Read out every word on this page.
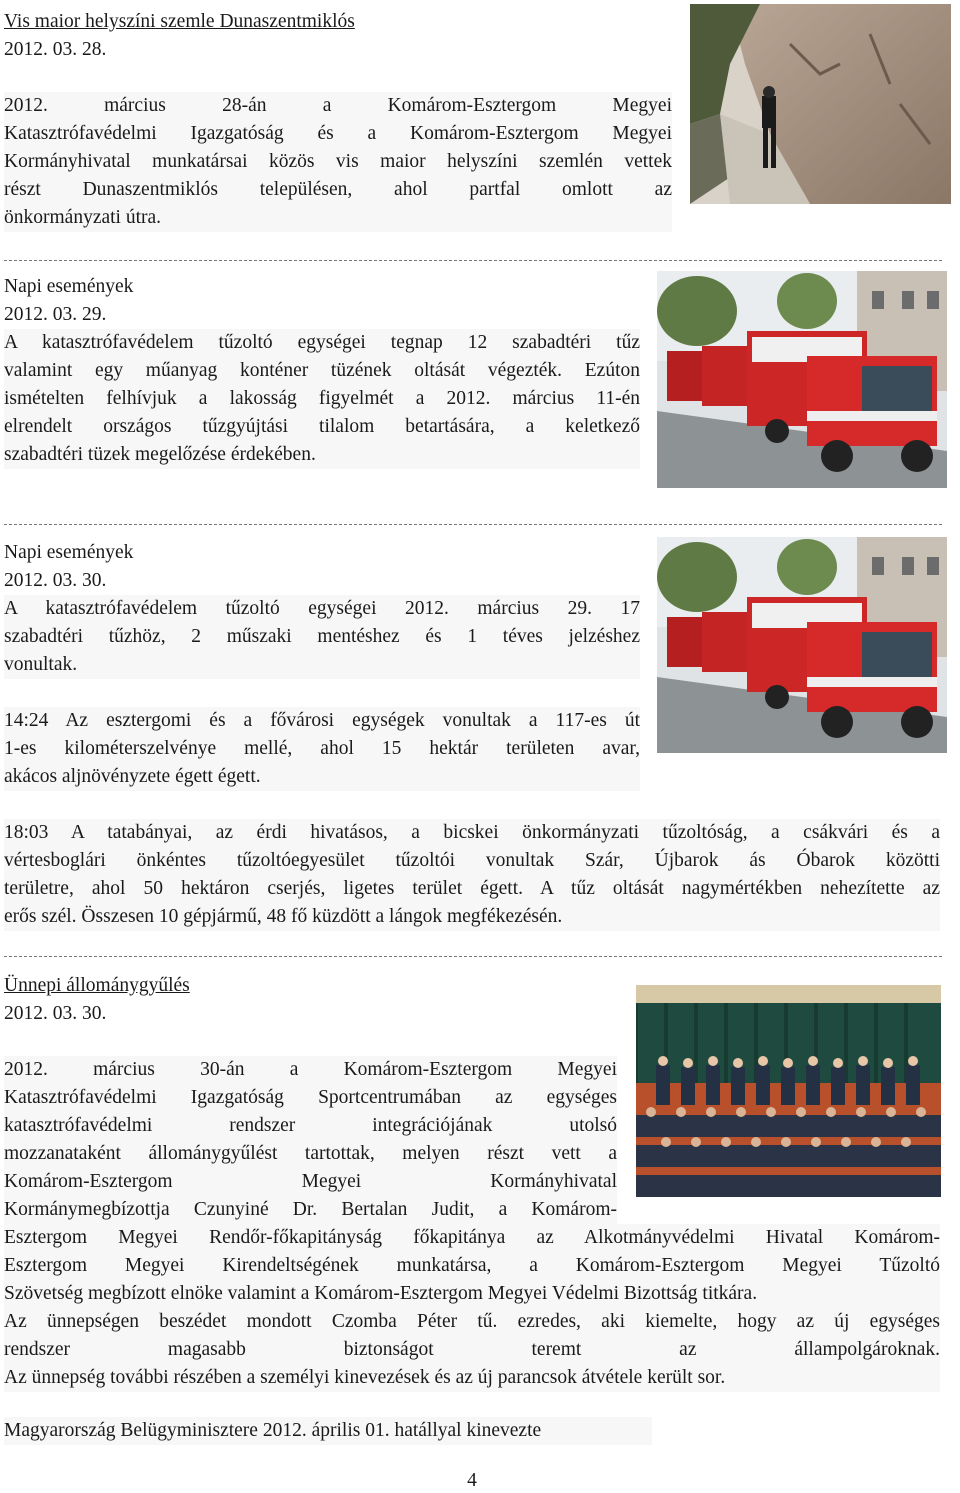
Vis maior helyszíni szemle Dunaszentmiklós
2012. 03. 28.
2012. március 28-án a Komárom-Esztergom Megyei
Katasztrófavédelmi Igazgatóság és a Komárom-Esztergom Megyei
Kormányhivatal munkatársai közös vis maior helyszíni szemlén vettek
részt Dunaszentmiklós településen, ahol partfal omlott az
önkormányzati útra.
Napi események
2012. 03. 29.
A katasztrófavédelem tűzoltó egységei tegnap 12 szabadtéri tűz
valamint egy műanyag konténer tüzének oltását végezték. Ezúton
ismételten felhívjuk a lakosság figyelmét a 2012. március 11-én
elrendelt országos tűzgyújtási tilalom betartására, a keletkező
szabadtéri tüzek megelőzése érdekében.
Napi események
2012. 03. 30.
A katasztrófavédelem tűzoltó egységei 2012. március 29. 17
szabadtéri tűzhöz, 2 műszaki mentéshez és 1 téves jelzéshez
vonultak.
14:24 Az esztergomi és a fővárosi egységek vonultak a 117-es út
1-es kilométerszelvénye mellé, ahol 15 hektár területen avar,
akácos aljnövényzete égett égett.
18:03 A tatabányai, az érdi hivatásos, a bicskei önkormányzati tűzoltóság, a csákvári és a
vértesboglári önkéntes tűzoltóegyesület tűzoltói vonultak Szár, Újbarok ás Óbarok közötti
területre, ahol 50 hektáron cserjés, ligetes terület égett. A tűz oltását nagymértékben nehezítette az
erős szél. Összesen 10 gépjármű, 48 fő küzdött a lángok megfékezésén.
Ünnepi állománygyűlés
2012. 03. 30.
2012. március 30-án a Komárom-Esztergom Megyei
Katasztrófavédelmi Igazgatóság Sportcentrumában az egységes
katasztrófavédelmi rendszer integrációjának utolsó
mozzanataként állománygyűlést tartottak, melyen részt vett a
Komárom-Esztergom Megyei Kormányhivatal
Kormánymegbízottja Czunyiné Dr. Bertalan Judit, a Komárom-
Esztergom Megyei Rendőr-főkapitányság főkapitánya az Alkotmányvédelmi Hivatal Komárom-
Esztergom Megyei Kirendeltségének munkatársa, a Komárom-Esztergom Megyei Tűzoltó
Szövetség megbízott elnöke valamint a Komárom-Esztergom Megyei Védelmi Bizottság titkára.
Az ünnepségen beszédet mondott Czomba Péter tű. ezredes, aki kiemelte, hogy az új egységes
rendszer magasabb biztonságot teremt az állampolgároknak.
Az ünnepség további részében a személyi kinevezések és az új parancsok átvétele került sor.
Magyarország Belügyminisztere 2012. április 01. hatállyal kinevezte
4
